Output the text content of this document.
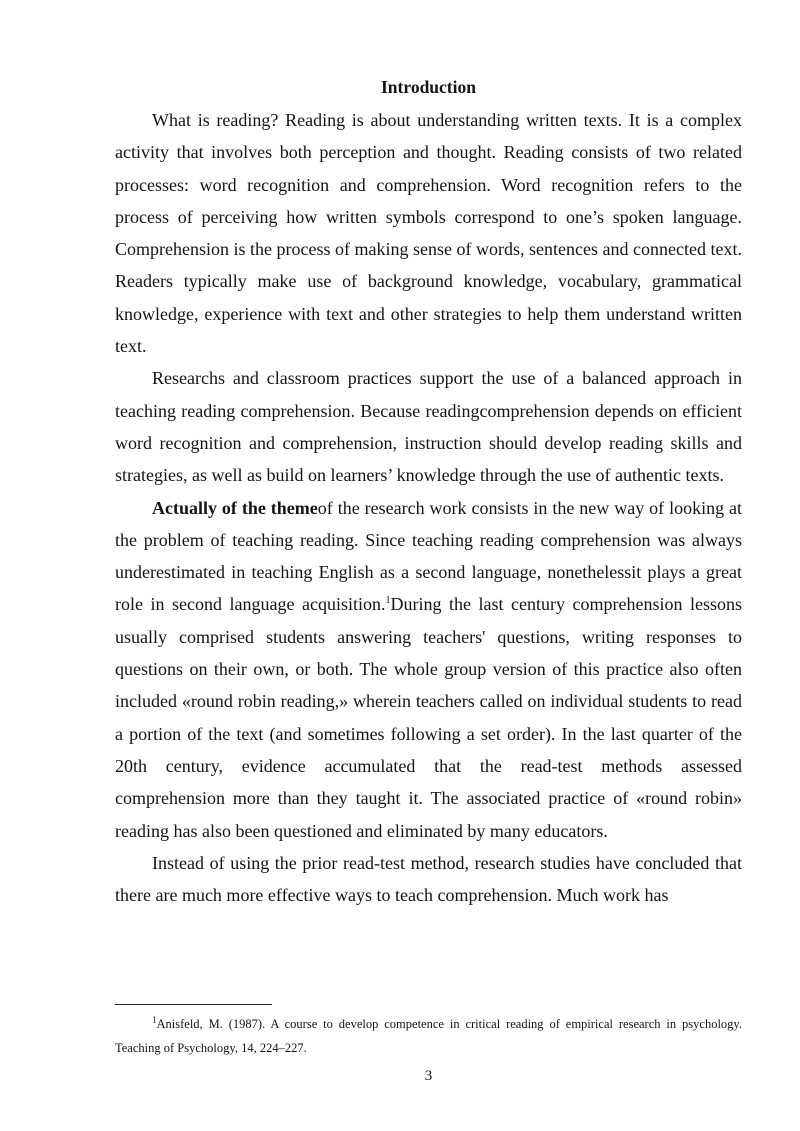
Introduction

What is reading? Reading is about understanding written texts. It is a complex activity that involves both perception and thought. Reading consists of two related processes: word recognition and comprehension. Word recognition refers to the process of perceiving how written symbols correspond to one’s spoken language. Comprehension is the process of making sense of words, sentences and connected text. Readers typically make use of background knowledge, vocabulary, grammatical knowledge, experience with text and other strategies to help them understand written text.

Researchs and classroom practices support the use of a balanced approach in teaching reading comprehension. Because readingcomprehension depends on efficient word recognition and comprehension, instruction should develop reading skills and strategies, as well as build on learners’ knowledge through the use of authentic texts.

Actually of the themeof the research work consists in the new way of looking at the problem of teaching reading. Since teaching reading comprehension was always underestimated in teaching English as a second language, nonethelessit plays a great role in second language acquisition.$^1$During the last century comprehension lessons usually comprised students answering teachers' questions, writing responses to questions on their own, or both. The whole group version of this practice also often included «round robin reading,» wherein teachers called on individual students to read a portion of the text (and sometimes following a set order). In the last quarter of the 20th century, evidence accumulated that the read-test methods assessed comprehension more than they taught it. The associated practice of «round robin» reading has also been questioned and eliminated by many educators.

Instead of using the prior read-test method, research studies have concluded that there are much more effective ways to teach comprehension. Much work has

$^1$Anisfeld, M. (1987). A course to develop competence in critical reading of empirical research in psychology. Teaching of Psychology, 14, 224–227.

3
